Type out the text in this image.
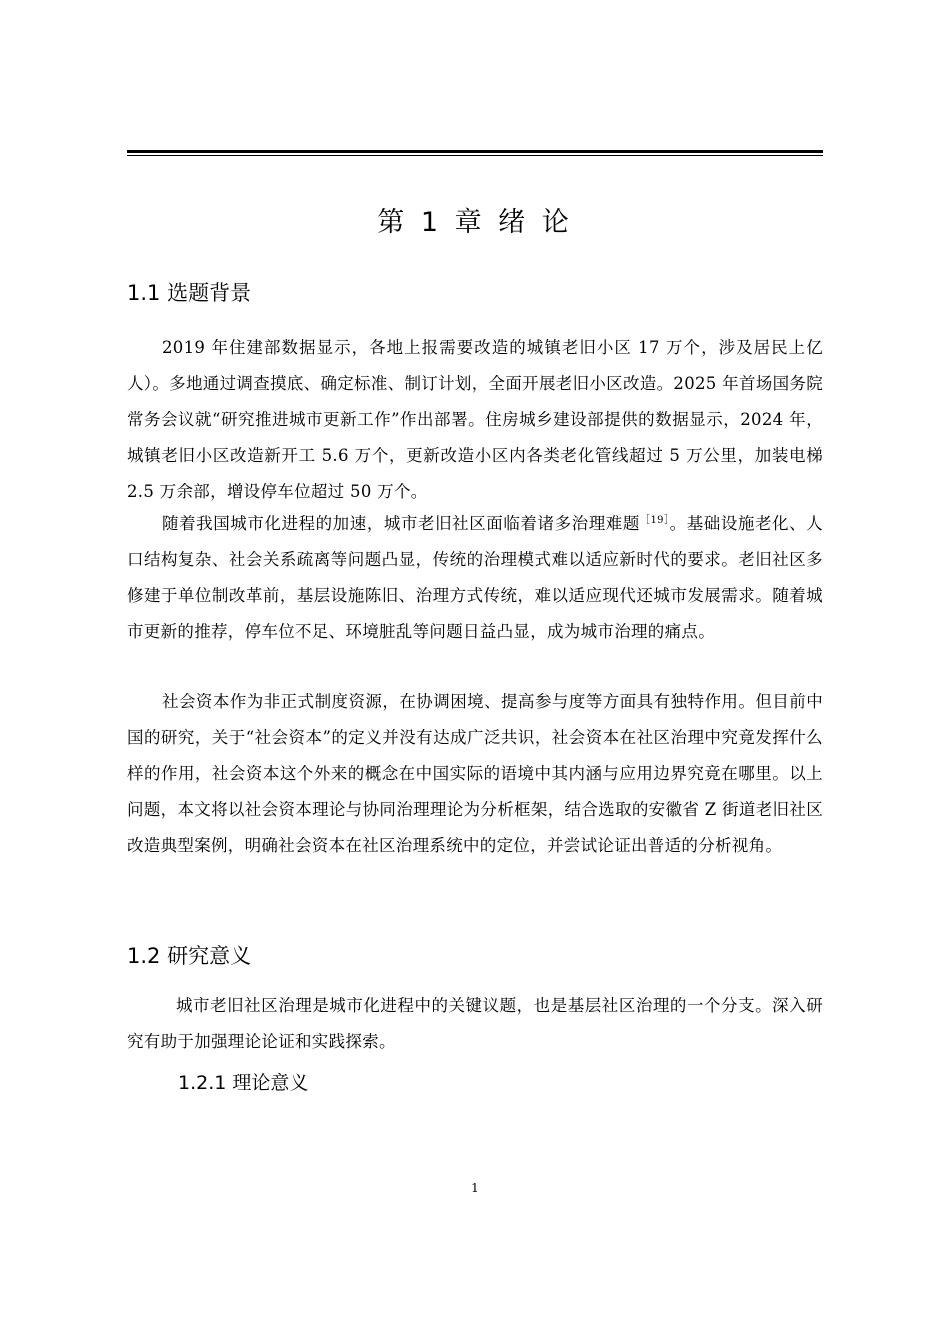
第 1 章 绪 论
1.1 选题背景
2019 年住建部数据显示，各地上报需要改造的城镇老旧小区 17 万个，涉及居民上亿人）。多地通过调查摸底、确定标准、制订计划，全面开展老旧小区改造。2025 年首场国务院常务会议就“研究推进城市更新工作”作出部署。住房城乡建设部提供的数据显示，2024 年，城镇老旧小区改造新开工 5.6 万个，更新改造小区内各类老化管线超过 5 万公里，加装电梯 2.5 万余部，增设停车位超过 50 万个。
随着我国城市化进程的加速，城市老旧社区面临着诸多治理难题$^{[19]}$。基础设施老化、人口结构复杂、社会关系疏离等问题凸显，传统的治理模式难以适应新时代的要求。老旧社区多修建于单位制改革前，基层设施陈旧、治理方式传统，难以适应现代还城市发展需求。随着城市更新的推荐，停车位不足、环境脏乱等问题日益凸显，成为城市治理的痛点。
社会资本作为非正式制度资源，在协调困境、提高参与度等方面具有独特作用。但目前中国的研究，关于“社会资本”的定义并没有达成广泛共识，社会资本在社区治理中究竟发挥什么样的作用，社会资本这个外来的概念在中国实际的语境中其内涵与应用边界究竟在哪里。以上问题，本文将以社会资本理论与协同治理理论为分析框架，结合选取的安徽省 Z 街道老旧社区改造典型案例，明确社会资本在社区治理系统中的定位，并尝试论证出普适的分析视角。
1.2 研究意义
城市老旧社区治理是城市化进程中的关键议题，也是基层社区治理的一个分支。深入研究有助于加强理论论证和实践探索。
1.2.1 理论意义
1
